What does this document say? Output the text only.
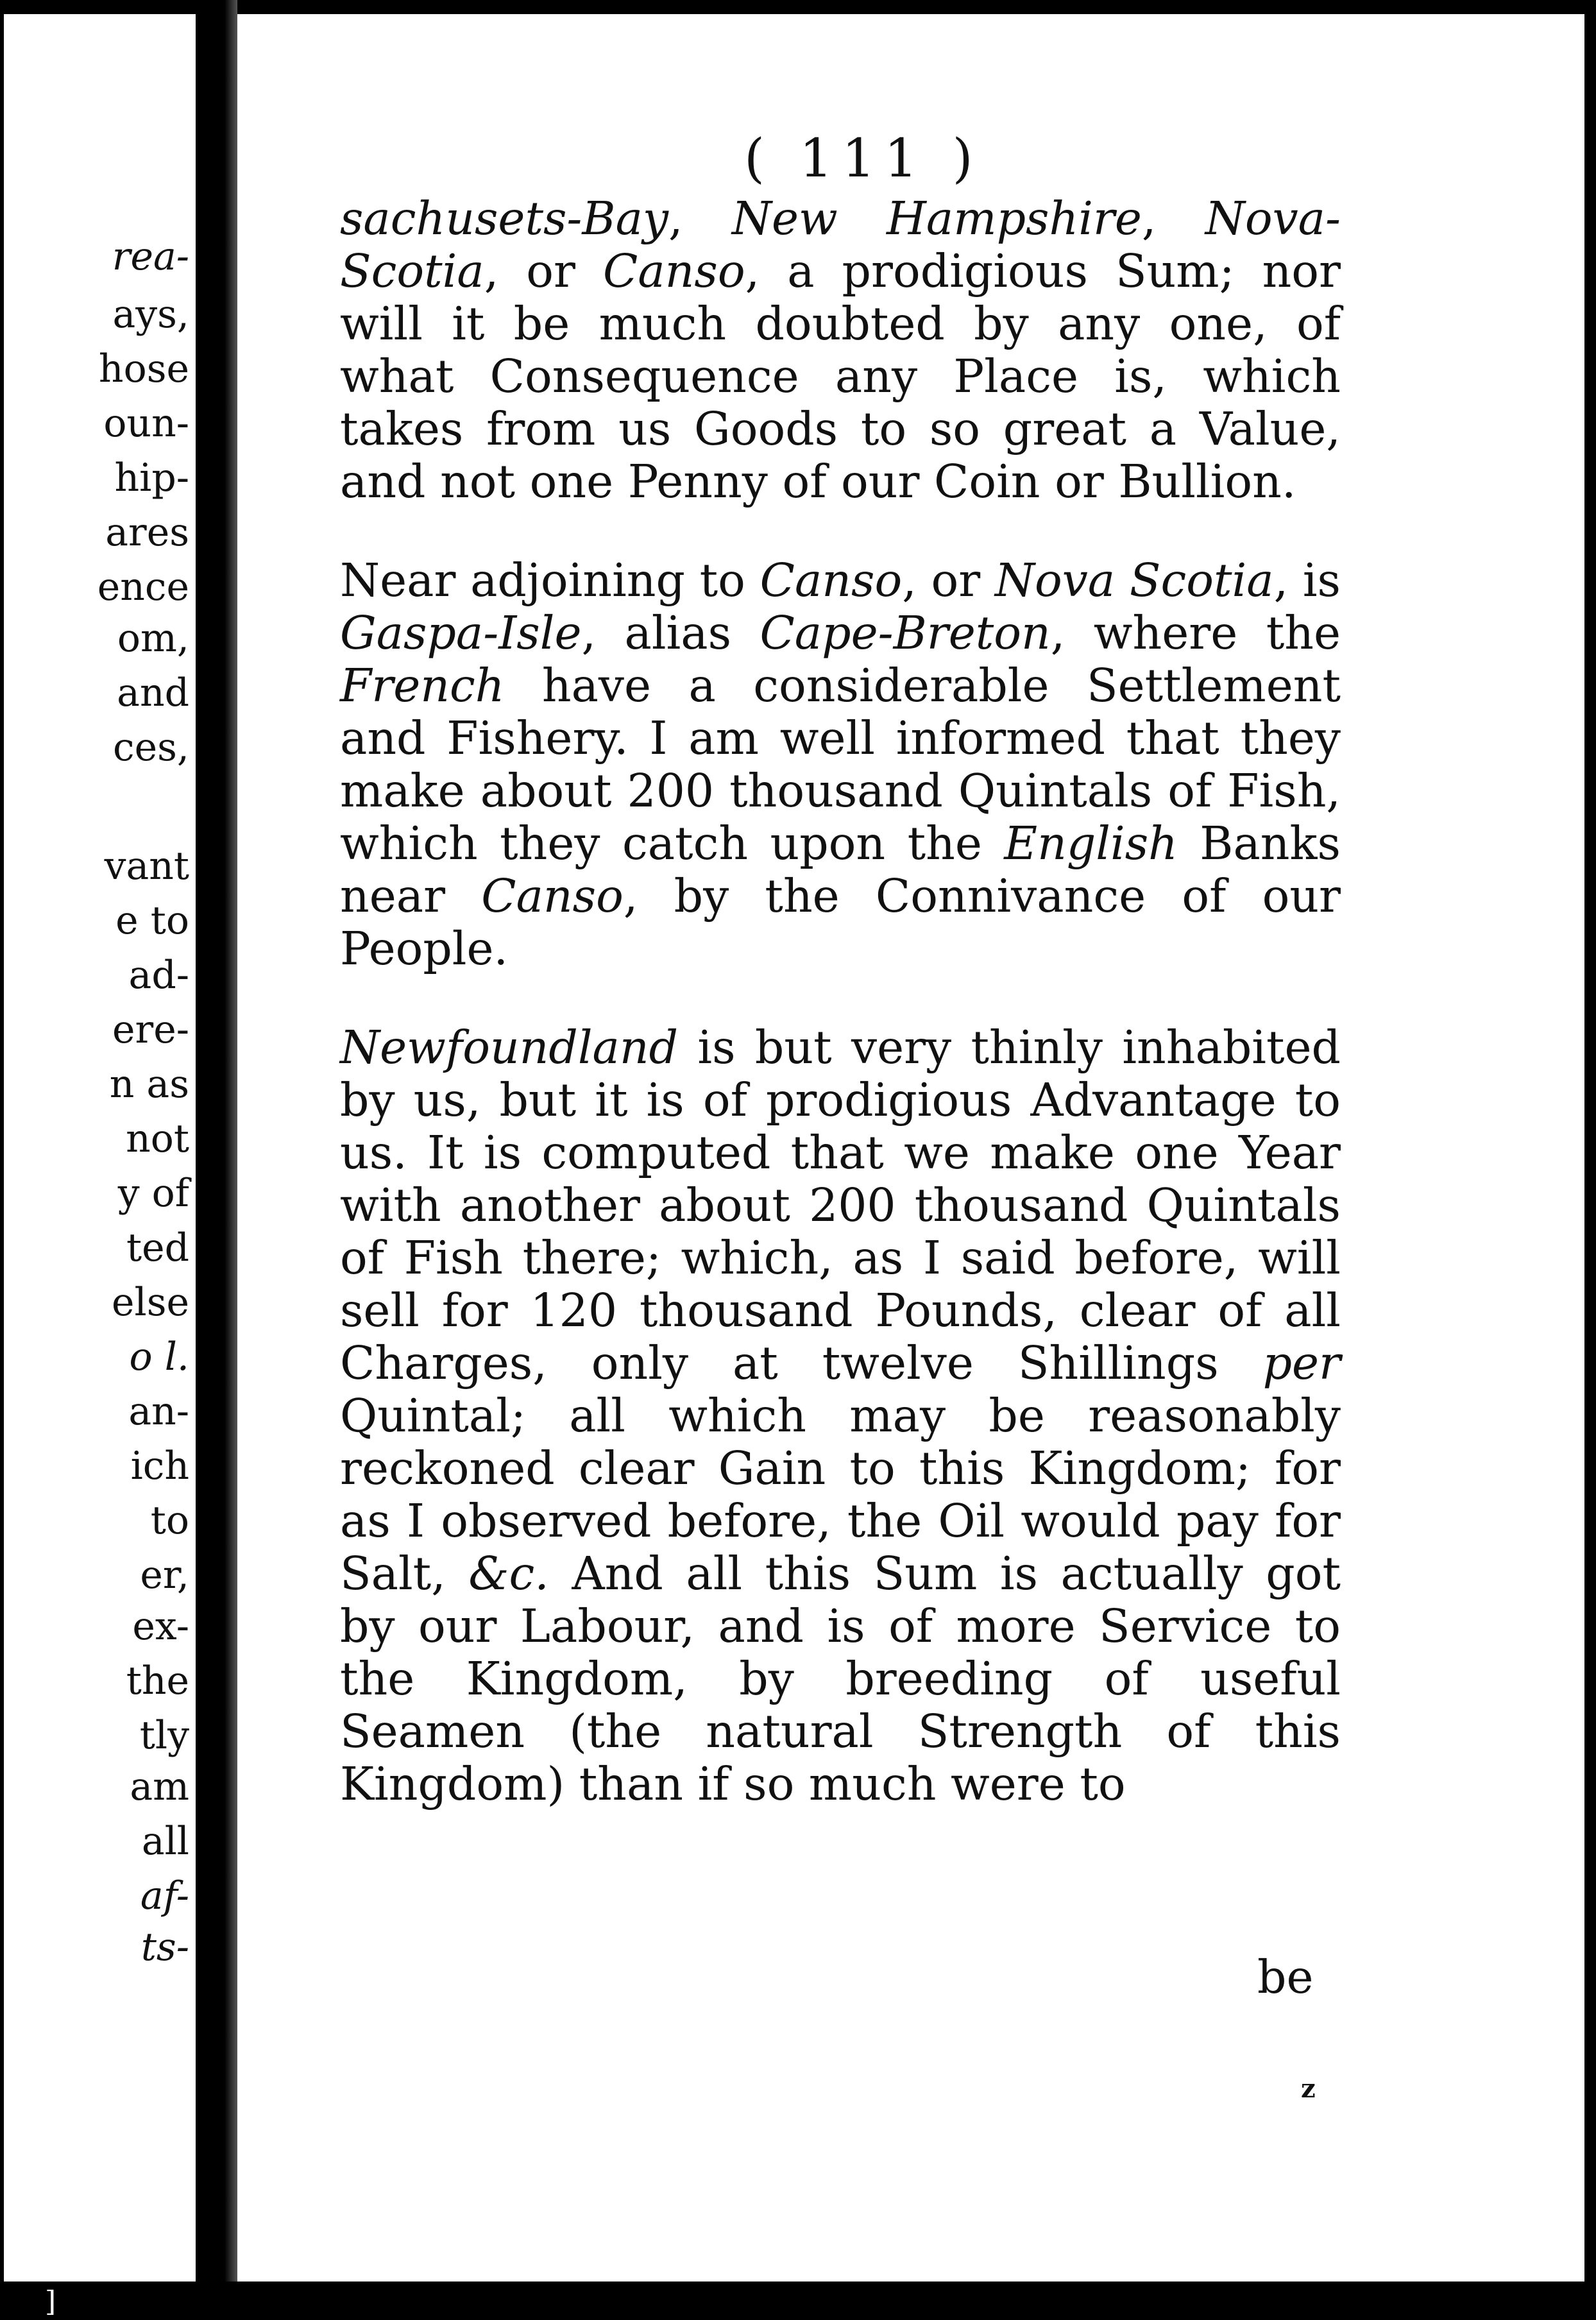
rea-
ays,
hose
oun-
hip-
ares
ence
om,
and
ces,
vant
e to
ad-
ere-
n as
not
y of
ted
else
o l.
an-
ich
to
er,
ex-
the
tly
am
all
af-
ts-
( 111 )

sachusets-Bay, New Hampshire, Nova-Scotia, or Canso, a prodigious Sum; nor will it be much doubted by any one, of what Consequence any Place is, which takes from us Goods to so great a Value, and not one Penny of our Coin or Bullion.

Near adjoining to Canso, or Nova Scotia, is Gaspa-Isle, alias Cape-Breton, where the French have a considerable Settlement and Fishery. I am well informed that they make about 200 thousand Quintals of Fish, which they catch upon the English Banks near Canso, by the Connivance of our People.

Newfoundland is but very thinly inhabited by us, but it is of prodigious Advantage to us. It is computed that we make one Year with another about 200 thousand Quintals of Fish there; which, as I said before, will sell for 120 thousand Pounds, clear of all Charges, only at twelve Shillings per Quintal; all which may be reasonably reckoned clear Gain to this Kingdom; for as I observed before, the Oil would pay for Salt, &c. And all this Sum is actually got by our Labour, and is of more Service to the Kingdom, by breeding of useful Seamen (the natural Strength of this Kingdom) than if so much were to

be
z
]
